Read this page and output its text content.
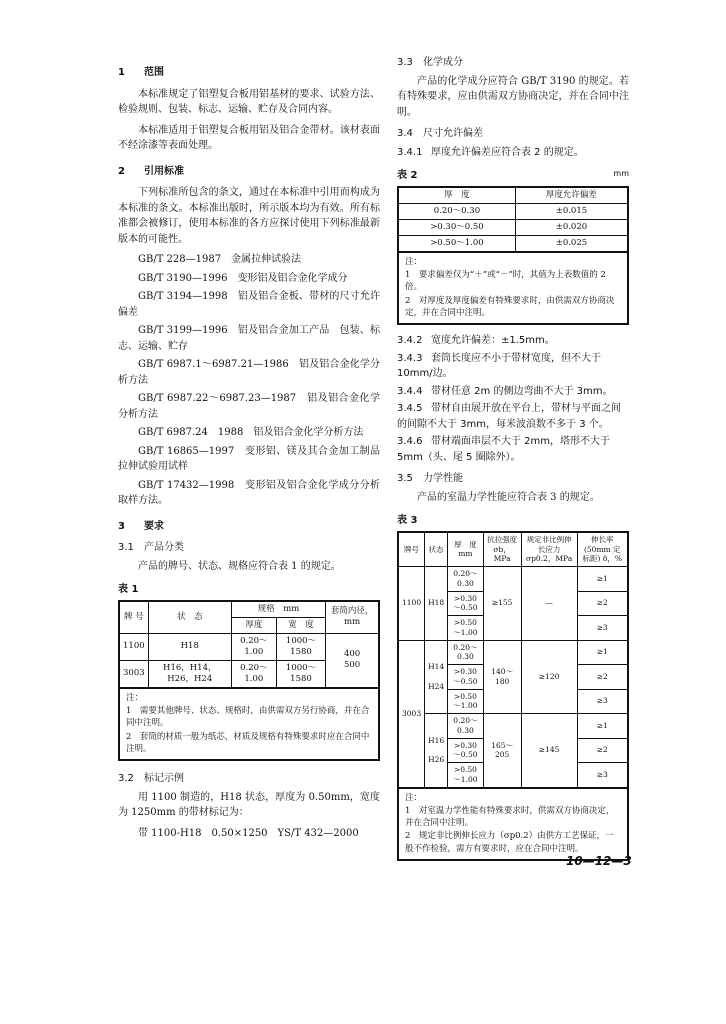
1 范围

本标准规定了铝塑复合板用铝基材的要求、试验方法、检验规则、包装、标志、运输、贮存及合同内容。

本标准适用于铝塑复合板用铝及铝合金带材。该材表面不经涂漆等表面处理。

2 引用标准

下列标准所包含的条文，通过在本标准中引用而构成为本标准的条文。本标准出版时，所示版本均为有效。所有标准都会被修订，使用本标准的各方应探讨使用下列标准最新版本的可能性。

GB/T 228—1987　金属拉伸试验法
GB/T 3190—1996　变形铝及铝合金化学成分
GB/T 3194—1998　铝及铝合金板、带材的尺寸允许偏差
GB/T 3199—1996　铝及铝合金加工产品　包装、标志、运输、贮存
GB/T 6987.1～6987.21—1986　铝及铝合金化学分析方法
GB/T 6987.22～6987.23—1987　铝及铝合金化学分析方法
GB/T 6987.24　1988　铝及铝合金化学分析方法
GB/T 16865—1997　变形铝、镁及其合金加工制品拉伸试验用试样
GB/T 17432—1998　变形铝及铝合金化学成分分析取样方法。
3 要求
3.1 产品分类

产品的牌号、状态、规格应符合表 1 的规定。

表 1
牌 号	状　态	规格　mm		套筒内径，mm
		厚度	宽　度	
1100	H18	0.20～1.00	1000～1580	400
500

3003	H16，H14，H26，H24	0.20～1.00	1000～1580	
注：
1　需要其他牌号、状态、规格时，由供需双方另行协商，并在合同中注明。
2　套筒的材质一般为纸芯，材质及规格有特殊要求时应在合同中注明。
3.2 标记示例

用 1100 制造的，H18 状态，厚度为 0.50mm，宽度为 1250mm 的带材标记为：

带 1100-H18　0.50×1250　YS/T 432—2000
3.3 化学成分

产品的化学成分应符合 GB/T 3190 的规定。若有特殊要求，应由供需双方协商决定，并在合同中注明。

3.4 尺寸允许偏差
3.4.1 厚度允许偏差应符合表 2 的规定。
表 2	mm
厚　度	厚度允许偏差
0.20～0.30	±0.015
>0.30～0.50	±0.020
>0.50～1.00	±0.025
注：
1　要求偏差仅为“＋”或“－”时，其值为上表数值的 2 倍。
2　对厚度及厚度偏差有特殊要求时，由供需双方协商决定，并在合同中注明。
3.4.2 宽度允许偏差：±1.5mm。
3.4.3 套筒长度应不小于带材宽度，但不大于 10mm/边。
3.4.4 带材任意 2m 的侧边弯曲不大于 3mm。
3.4.5 带材自由展开放在平台上，带材与平面之间的间隙不大于 3mm，每米波浪数不多于 3 个。
3.4.6 带材端面串层不大于 2mm，塔形不大于 5mm（头、尾 5 圈除外）。
3.5 力学性能

产品的室温力学性能应符合表 3 的规定。

表 3
牌号	状态	厚　度
mm	抗拉强度 σb，MPa	规定非比例伸长应力 σp0.2，MPa	伸长率 (50mm 定标距) δ，%
1100	H18	0.20～0.30	≥155	—	≥1
		>0.30～0.50			≥2
		>0.50～1.00			≥3
3003	H14
H24	0.20～0.30	140～180	≥120	≥1
		>0.30～0.50			≥2
		>0.50～1.00			≥3

	H16
H26	0.20～0.30	165～205	≥145	≥1
		>0.30～0.50			≥2
		>0.50～1.00			≥3
注：
1　对室温力学性能有特殊要求时，供需双方协商决定，并在合同中注明。
2　规定非比例伸长应力（σp0.2）由供方工艺保证，一般不作检验，需方有要求时，应在合同中注明。
10—12—3
